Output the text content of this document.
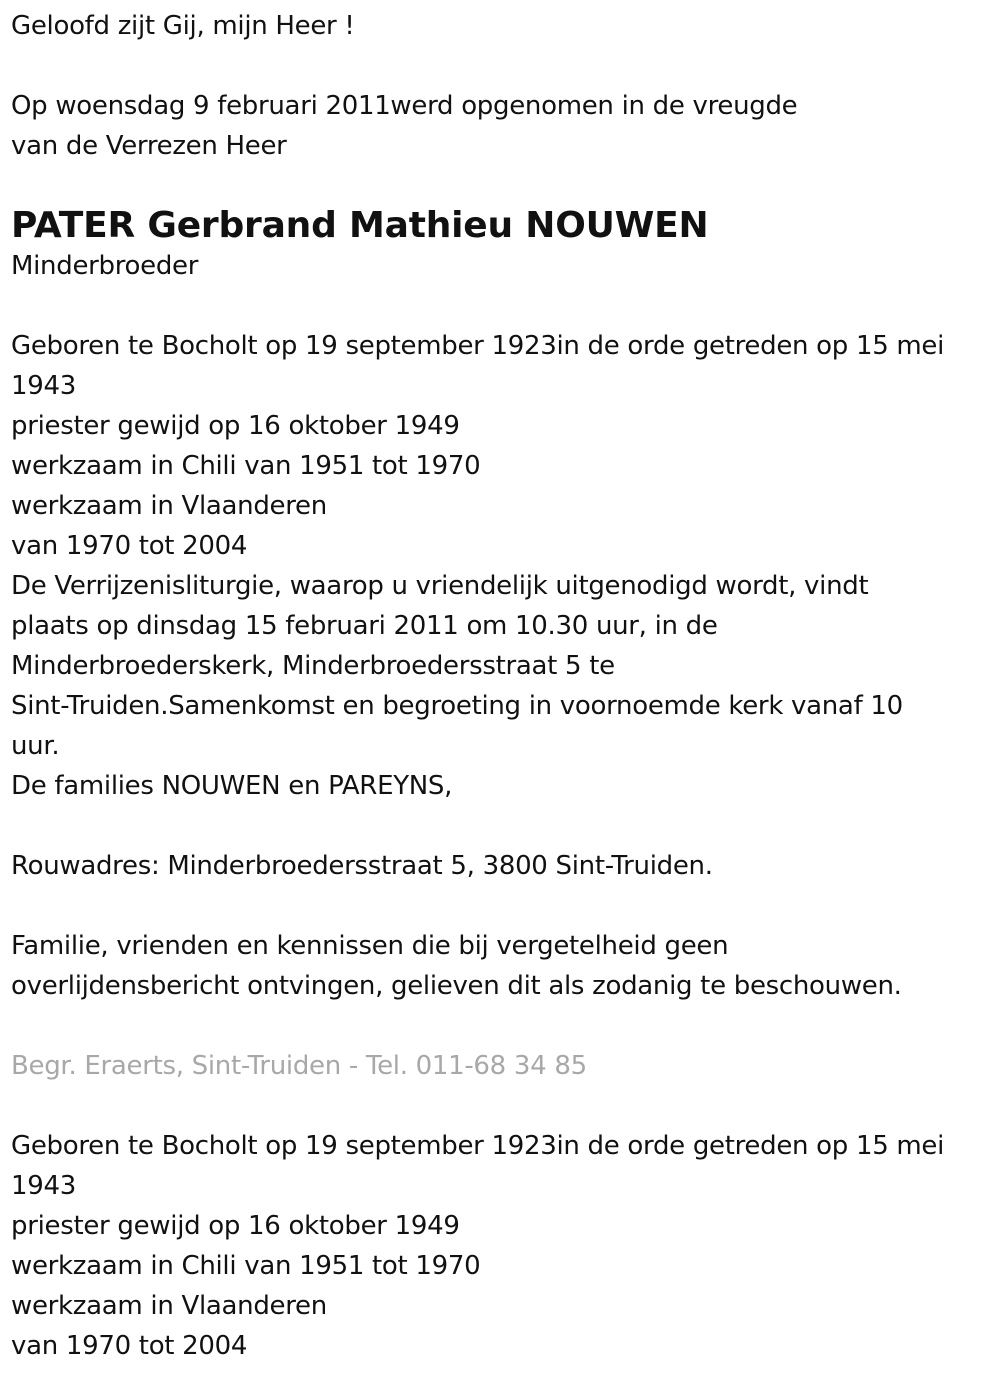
Geloofd zijt Gij, mijn Heer !
Op woensdag 9 februari 2011werd opgenomen in de vreugde
van de Verrezen Heer
PATER Gerbrand Mathieu NOUWEN
Minderbroeder
Geboren te Bocholt op 19 september 1923in de orde getreden op 15 mei
1943
priester gewijd op 16 oktober 1949
werkzaam in Chili van 1951 tot 1970
werkzaam in Vlaanderen
van 1970 tot 2004
De Verrijzenisliturgie, waarop u vriendelijk uitgenodigd wordt, vindt
plaats op dinsdag 15 februari 2011 om 10.30 uur, in de
Minderbroederskerk, Minderbroedersstraat 5 te
Sint-Truiden.Samenkomst en begroeting in voornoemde kerk vanaf 10
uur.
De families NOUWEN en PAREYNS,
Rouwadres: Minderbroedersstraat 5, 3800 Sint-Truiden.
Familie, vrienden en kennissen die bij vergetelheid geen
overlijdensbericht ontvingen, gelieven dit als zodanig te beschouwen.
Begr. Eraerts, Sint-Truiden - Tel. 011-68 34 85
Geboren te Bocholt op 19 september 1923in de orde getreden op 15 mei
1943
priester gewijd op 16 oktober 1949
werkzaam in Chili van 1951 tot 1970
werkzaam in Vlaanderen
van 1970 tot 2004
